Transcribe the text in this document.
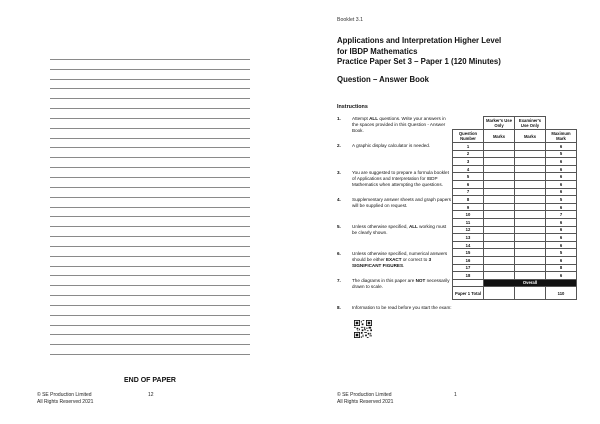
END OF PAPER
© SE Production Limited
All Rights Reserved 2021
12
Booklet 3.1
Applications and Interpretation Higher Level
for IBDP Mathematics
Practice Paper Set 3 – Paper 1 (120 Minutes)
Question – Answer Book
Instructions
1. Attempt ALL questions. Write your answers in the spaces provided in this Question - Answer Book.
2. A graphic display calculator is needed.
3. You are suggested to prepare a formula booklet of Applications and Interpretation for IBDP Mathematics when attempting the questions.
4. Supplementary answer sheets and graph papers will be supplied on request.
5. Unless otherwise specified, ALL working must be clearly shown.
6. Unless otherwise specified, numerical answers should be either EXACT or correct to 3 SIGNIFICANT FIGURES.
7. The diagrams in this paper are NOT necessarily drawn to scale.
8. Information to be read before you start the exam:
	Marker's Use Only	Examiner's Use Only	
Question Number	Marks	Marks	Maximum Mark
1			6
2			5
3			6
4			6
5			6
6			6
7			6
8			5
9			6
10			7
11			6
12			6
13			6
14			6
15			5
16			6
17			8
18			6
	Overall		
Paper 1 Total			110
© SE Production Limited
All Rights Reserved 2021
1
